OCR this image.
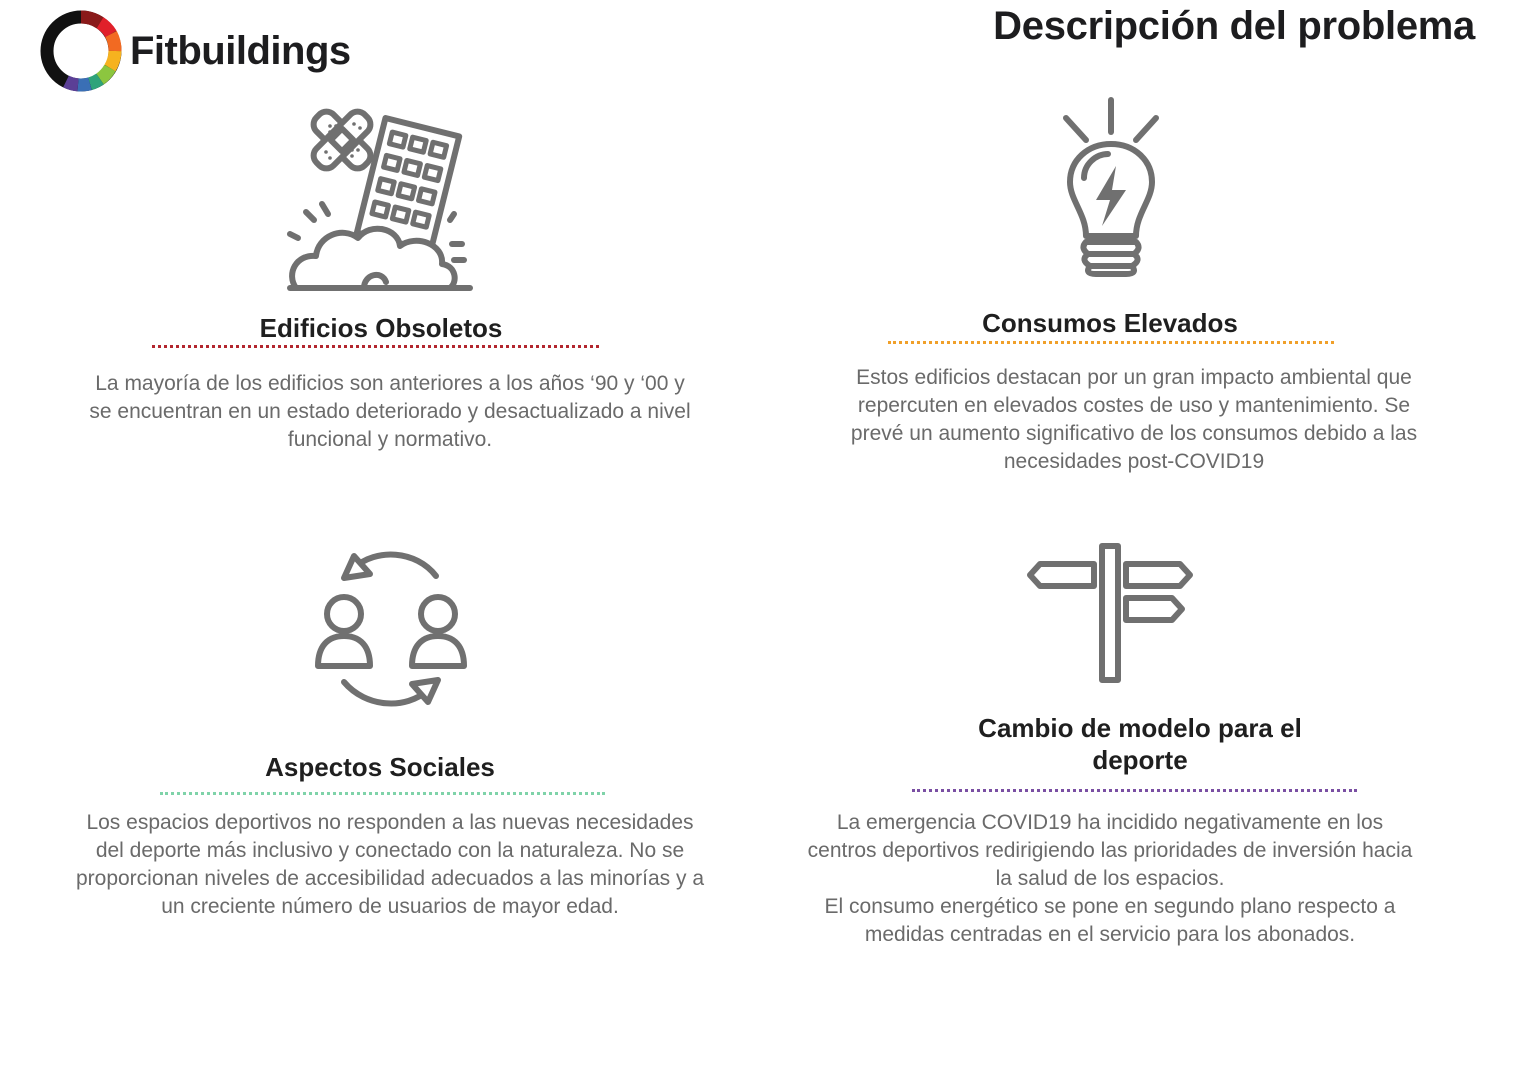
Fitbuildings
Descripción del problema
Edificios Obsoletos

La mayoría de los edificios son anteriores a los años ‘90 y ‘00 y
se encuentran en un estado deteriorado y desactualizado a nivel
funcional y normativo.

Consumos Elevados

Estos edificios destacan por un gran impacto ambiental que
repercuten en elevados costes de uso y mantenimiento. Se
prevé un aumento significativo de los consumos debido a las
necesidades post-COVID19

Aspectos Sociales

Los espacios deportivos no responden a las nuevas necesidades
del deporte más inclusivo y conectado con la naturaleza. No se
proporcionan niveles de accesibilidad adecuados a las minorías y a
un creciente número de usuarios de mayor edad.

Cambio de modelo para el
deporte

La emergencia COVID19 ha incidido negativamente en los
centros deportivos redirigiendo las prioridades de inversión hacia
la salud de los espacios.
El consumo energético se pone en segundo plano respecto a
medidas centradas en el servicio para los abonados.
